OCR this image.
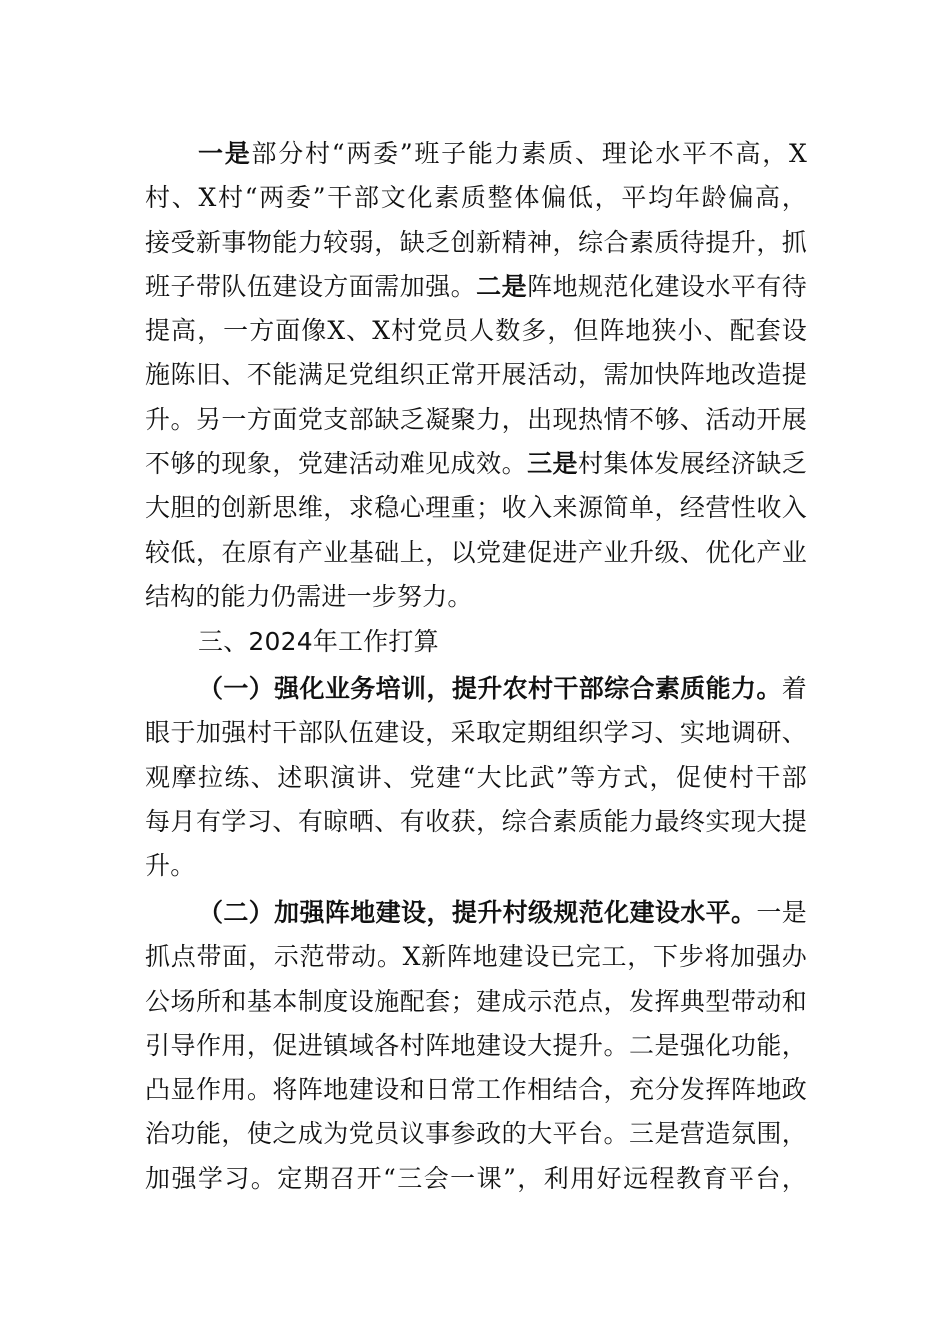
一是部分村“两委”班子能力素质、理论水平不高，X
村、X村“两委”干部文化素质整体偏低，平均年龄偏高，
接受新事物能力较弱，缺乏创新精神，综合素质待提升，抓
班子带队伍建设方面需加强。二是阵地规范化建设水平有待
提高，一方面像X、X村党员人数多，但阵地狭小、配套设
施陈旧、不能满足党组织正常开展活动，需加快阵地改造提
升。另一方面党支部缺乏凝聚力，出现热情不够、活动开展
不够的现象，党建活动难见成效。三是村集体发展经济缺乏
大胆的创新思维，求稳心理重；收入来源简单，经营性收入
较低，在原有产业基础上，以党建促进产业升级、优化产业
结构的能力仍需进一步努力。
三、2024年工作打算
（一）强化业务培训，提升农村干部综合素质能力。着
眼于加强村干部队伍建设，采取定期组织学习、实地调研、
观摩拉练、述职演讲、党建“大比武”等方式，促使村干部
每月有学习、有晾晒、有收获，综合素质能力最终实现大提
升。
（二）加强阵地建设，提升村级规范化建设水平。一是
抓点带面，示范带动。X新阵地建设已完工，下步将加强办
公场所和基本制度设施配套；建成示范点，发挥典型带动和
引导作用，促进镇域各村阵地建设大提升。二是强化功能，
凸显作用。将阵地建设和日常工作相结合，充分发挥阵地政
治功能，使之成为党员议事参政的大平台。三是营造氛围，
加强学习。定期召开“三会一课”，利用好远程教育平台，
